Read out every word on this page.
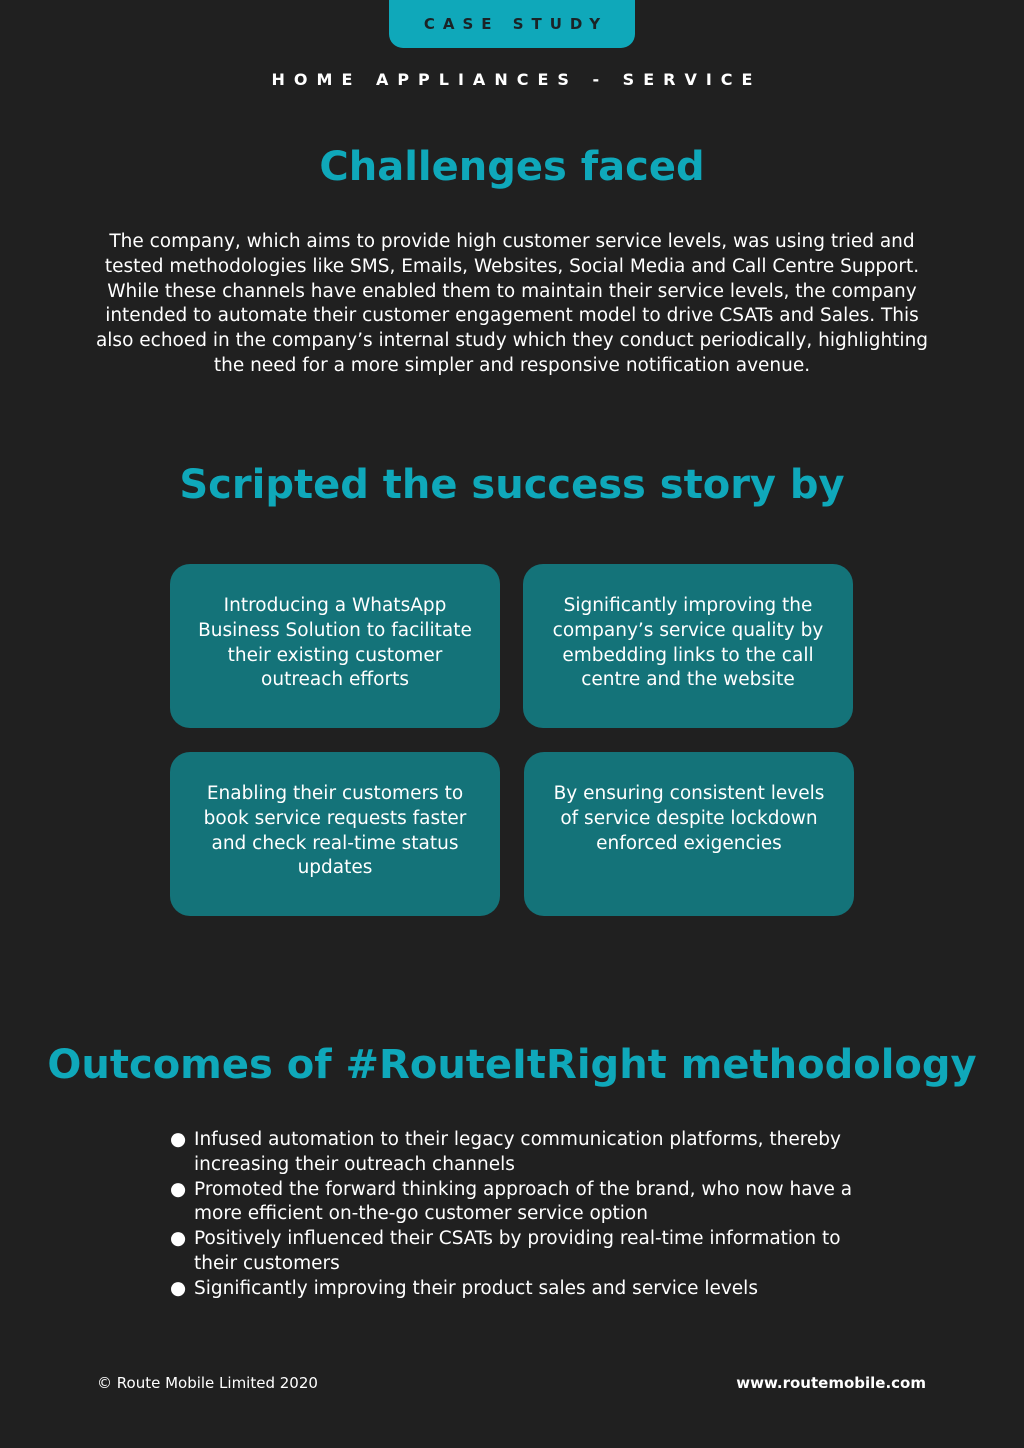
CASE STUDY
HOME APPLIANCES - SERVICE
Challenges faced

The company, which aims to provide high customer service levels, was using tried and tested methodologies like SMS, Emails, Websites, Social Media and Call Centre Support. While these channels have enabled them to maintain their service levels, the company intended to automate their customer engagement model to drive CSATs and Sales. This also echoed in the company’s internal study which they conduct periodically, highlighting the need for a more simpler and responsive notification avenue.

Scripted the success story by
Introducing a WhatsApp Business Solution to facilitate their existing customer outreach efforts
Significantly improving the company’s service quality by embedding links to the call centre and the website
Enabling their customers to book service requests faster and check real-time status updates
By ensuring consistent levels of service despite lockdown enforced exigencies
Outcomes of #RouteItRight methodology
● Infused automation to their legacy communication platforms, thereby increasing their outreach channels
● Promoted the forward thinking approach of the brand, who now have a more efficient on-the-go customer service option
● Positively influenced their CSATs by providing real-time information to their customers
● Significantly improving their product sales and service levels
© Route Mobile Limited 2020	www.routemobile.com
